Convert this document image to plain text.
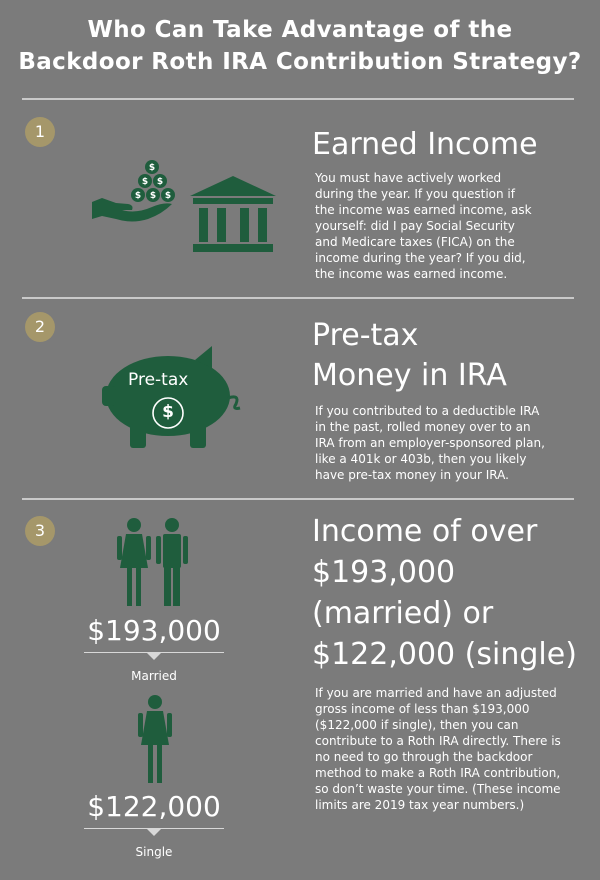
Who Can Take Advantage of the
Backdoor Roth IRA Contribution Strategy?
1
$
$ $
$ $ $
Earned Income
You must have actively worked
during the year. If you question if
the income was earned income, ask
yourself: did I pay Social Security
and Medicare taxes (FICA) on the
income during the year? If you did,
the income was earned income.
2
Pre-tax
$
Pre-tax
Money in IRA
If you contributed to a deductible IRA
in the past, rolled money over to an
IRA from an employer-sponsored plan,
like a 401k or 403b, then you likely
have pre-tax money in your IRA.
3
$193,000
Married
$122,000
Single
Income of over
$193,000
(married) or
$122,000 (single)
If you are married and have an adjusted
gross income of less than $193,000
($122,000 if single), then you can
contribute to a Roth IRA directly. There is
no need to go through the backdoor
method to make a Roth IRA contribution,
so don’t waste your time. (These income
limits are 2019 tax year numbers.)
